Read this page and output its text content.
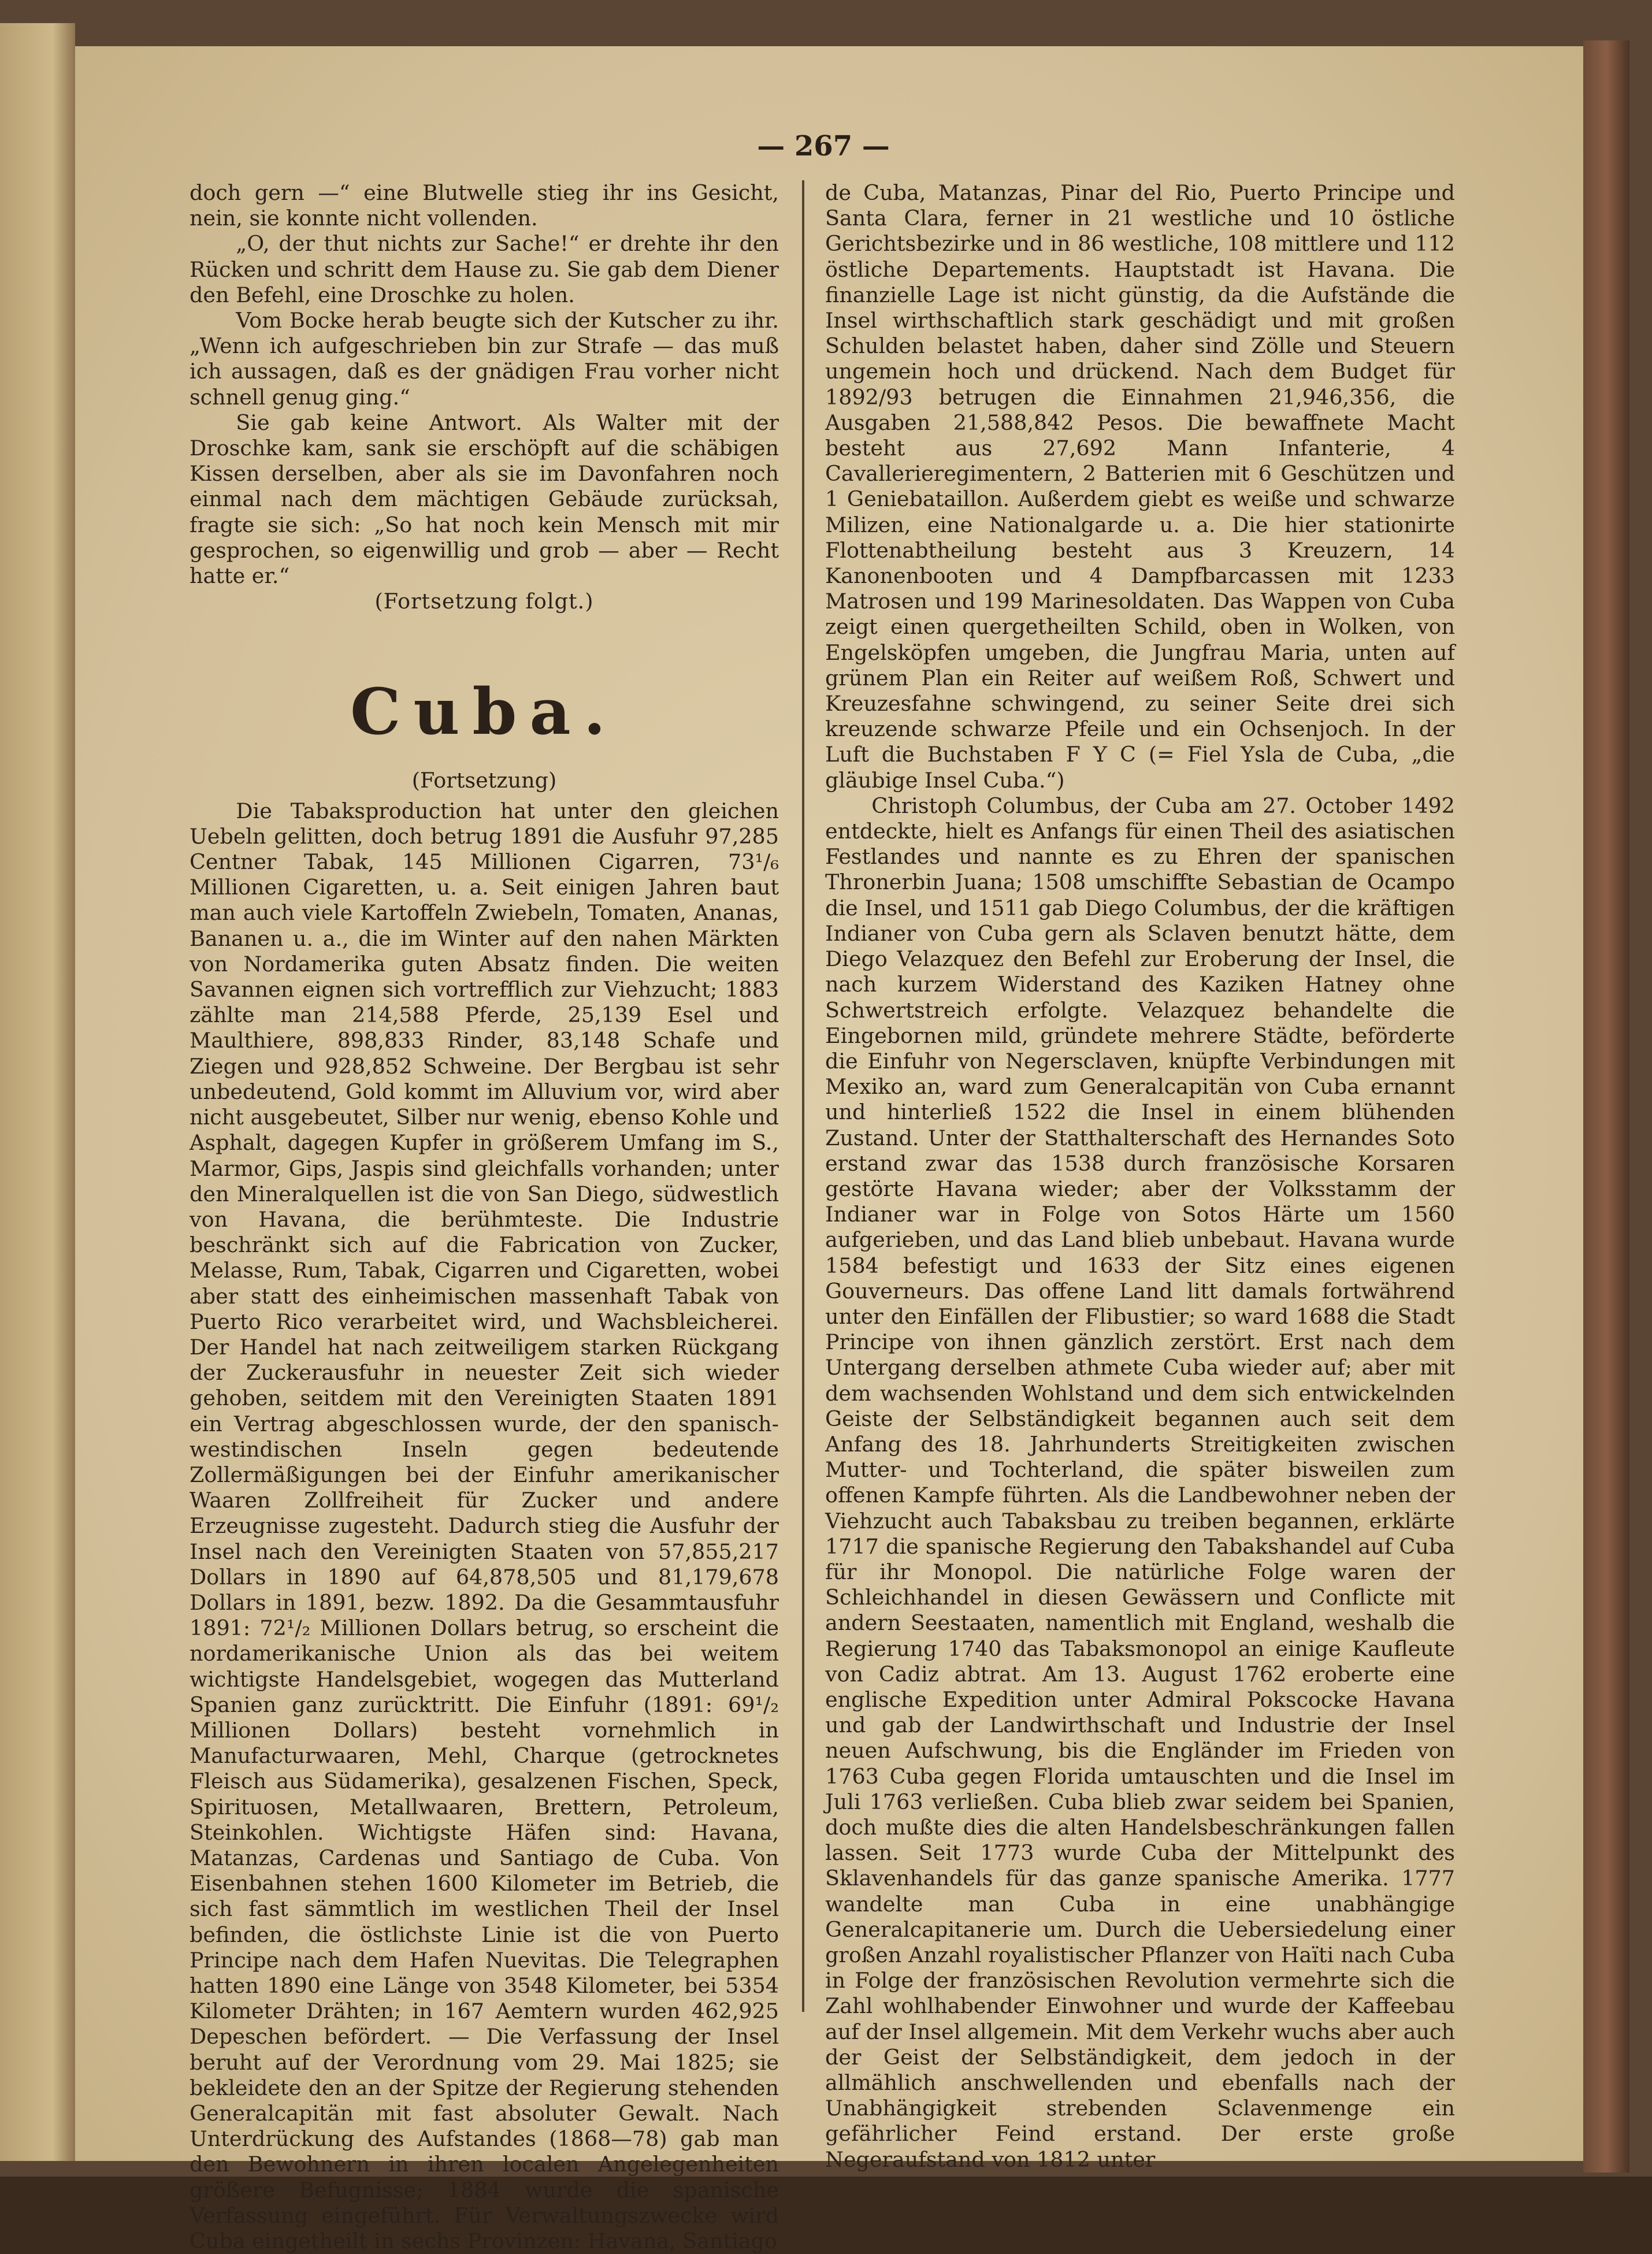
— 267 —

doch gern —“ eine Blutwelle stieg ihr ins Gesicht, nein, sie konnte nicht vollenden.

„O, der thut nichts zur Sache!“ er drehte ihr den Rücken und schritt dem Hause zu. Sie gab dem Diener den Befehl, eine Droschke zu holen.

Vom Bocke herab beugte sich der Kutscher zu ihr. „Wenn ich aufgeschrieben bin zur Strafe — das muß ich aussagen, daß es der gnädigen Frau vorher nicht schnell genug ging.“

Sie gab keine Antwort. Als Walter mit der Droschke kam, sank sie erschöpft auf die schäbigen Kissen derselben, aber als sie im Davonfahren noch einmal nach dem mächtigen Gebäude zurücksah, fragte sie sich: „So hat noch kein Mensch mit mir gesprochen, so eigenwillig und grob — aber — Recht hatte er.“

(Fortsetzung folgt.)

Cuba.
(Fortsetzung)

Die Tabaksproduction hat unter den gleichen Uebeln gelitten, doch betrug 1891 die Ausfuhr 97,285 Centner Tabak, 145 Millionen Cigarren, 73¹/₆ Millionen Cigaretten, u. a. Seit einigen Jahren baut man auch viele Kartoffeln Zwiebeln, Tomaten, Ananas, Bananen u. a., die im Winter auf den nahen Märkten von Nordamerika guten Absatz finden. Die weiten Savannen eignen sich vortrefflich zur Viehzucht; 1883 zählte man 214,588 Pferde, 25,139 Esel und Maulthiere, 898,833 Rinder, 83,148 Schafe und Ziegen und 928,852 Schweine. Der Bergbau ist sehr unbedeutend, Gold kommt im Alluvium vor, wird aber nicht ausgebeutet, Silber nur wenig, ebenso Kohle und Asphalt, dagegen Kupfer in größerem Umfang im S., Marmor, Gips, Jaspis sind gleichfalls vorhanden; unter den Mineralquellen ist die von San Diego, südwestlich von Havana, die berühmteste. Die Industrie beschränkt sich auf die Fabrication von Zucker, Melasse, Rum, Tabak, Cigarren und Cigaretten, wobei aber statt des einheimischen massenhaft Tabak von Puerto Rico verarbeitet wird, und Wachsbleicherei. Der Handel hat nach zeitweiligem starken Rückgang der Zuckerausfuhr in neuester Zeit sich wieder gehoben, seitdem mit den Vereinigten Staaten 1891 ein Vertrag abgeschlossen wurde, der den spanisch-westindischen Inseln gegen bedeutende Zollermäßigungen bei der Einfuhr amerikanischer Waaren Zollfreiheit für Zucker und andere Erzeugnisse zugesteht. Dadurch stieg die Ausfuhr der Insel nach den Vereinigten Staaten von 57,855,217 Dollars in 1890 auf 64,878,505 und 81,179,678 Dollars in 1891, bezw. 1892. Da die Gesammtausfuhr 1891: 72¹/₂ Millionen Dollars betrug, so erscheint die nordamerikanische Union als das bei weitem wichtigste Handelsgebiet, wogegen das Mutterland Spanien ganz zurücktritt. Die Einfuhr (1891: 69¹/₂ Millionen Dollars) besteht vornehmlich in Manufacturwaaren, Mehl, Charque (getrocknetes Fleisch aus Südamerika), gesalzenen Fischen, Speck, Spirituosen, Metallwaaren, Brettern, Petroleum, Steinkohlen. Wichtigste Häfen sind: Havana, Matanzas, Cardenas und Santiago de Cuba. Von Eisenbahnen stehen 1600 Kilometer im Betrieb, die sich fast sämmtlich im westlichen Theil der Insel befinden, die östlichste Linie ist die von Puerto Principe nach dem Hafen Nuevitas. Die Telegraphen hatten 1890 eine Länge von 3548 Kilometer, bei 5354 Kilometer Drähten; in 167 Aemtern wurden 462,925 Depeschen befördert. — Die Verfassung der Insel beruht auf der Verordnung vom 29. Mai 1825; sie bekleidete den an der Spitze der Regierung stehenden Generalcapitän mit fast absoluter Gewalt. Nach Unterdrückung des Aufstandes (1868—78) gab man den Bewohnern in ihren localen Angelegenheiten größere Befugnisse; 1884 wurde die spanische Verfassung eingeführt. Für Verwaltungszwecke wird Cuba eingetheilt in sechs Provinzen: Havana, Santiago

de Cuba, Matanzas, Pinar del Rio, Puerto Principe und Santa Clara, ferner in 21 westliche und 10 östliche Gerichtsbezirke und in 86 westliche, 108 mittlere und 112 östliche Departements. Hauptstadt ist Havana. Die finanzielle Lage ist nicht günstig, da die Aufstände die Insel wirthschaftlich stark geschädigt und mit großen Schulden belastet haben, daher sind Zölle und Steuern ungemein hoch und drückend. Nach dem Budget für 1892/93 betrugen die Einnahmen 21,946,356, die Ausgaben 21,588,842 Pesos. Die bewaffnete Macht besteht aus 27,692 Mann Infanterie, 4 Cavallerieregimentern, 2 Batterien mit 6 Geschützen und 1 Geniebataillon. Außerdem giebt es weiße und schwarze Milizen, eine Nationalgarde u. a. Die hier stationirte Flottenabtheilung besteht aus 3 Kreuzern, 14 Kanonenbooten und 4 Dampfbarcassen mit 1233 Matrosen und 199 Marinesoldaten. Das Wappen von Cuba zeigt einen quergetheilten Schild, oben in Wolken, von Engelsköpfen umgeben, die Jungfrau Maria, unten auf grünem Plan ein Reiter auf weißem Roß, Schwert und Kreuzesfahne schwingend, zu seiner Seite drei sich kreuzende schwarze Pfeile und ein Ochsenjoch. In der Luft die Buchstaben F Y C (= Fiel Ysla de Cuba, „die gläubige Insel Cuba.“)

Christoph Columbus, der Cuba am 27. October 1492 entdeckte, hielt es Anfangs für einen Theil des asiatischen Festlandes und nannte es zu Ehren der spanischen Thronerbin Juana; 1508 umschiffte Sebastian de Ocampo die Insel, und 1511 gab Diego Columbus, der die kräftigen Indianer von Cuba gern als Sclaven benutzt hätte, dem Diego Velazquez den Befehl zur Eroberung der Insel, die nach kurzem Widerstand des Kaziken Hatney ohne Schwertstreich erfolgte. Velazquez behandelte die Eingebornen mild, gründete mehrere Städte, beförderte die Einfuhr von Negersclaven, knüpfte Verbindungen mit Mexiko an, ward zum Generalcapitän von Cuba ernannt und hinterließ 1522 die Insel in einem blühenden Zustand. Unter der Statthalterschaft des Hernandes Soto erstand zwar das 1538 durch französische Korsaren gestörte Havana wieder; aber der Volksstamm der Indianer war in Folge von Sotos Härte um 1560 aufgerieben, und das Land blieb unbebaut. Havana wurde 1584 befestigt und 1633 der Sitz eines eigenen Gouverneurs. Das offene Land litt damals fortwährend unter den Einfällen der Flibustier; so ward 1688 die Stadt Principe von ihnen gänzlich zerstört. Erst nach dem Untergang derselben athmete Cuba wieder auf; aber mit dem wachsenden Wohlstand und dem sich entwickelnden Geiste der Selbständigkeit begannen auch seit dem Anfang des 18. Jahrhunderts Streitigkeiten zwischen Mutter- und Tochterland, die später bisweilen zum offenen Kampfe führten. Als die Landbewohner neben der Viehzucht auch Tabaksbau zu treiben begannen, erklärte 1717 die spanische Regierung den Tabakshandel auf Cuba für ihr Monopol. Die natürliche Folge waren der Schleichhandel in diesen Gewässern und Conflicte mit andern Seestaaten, namentlich mit England, weshalb die Regierung 1740 das Tabaksmonopol an einige Kaufleute von Cadiz abtrat. Am 13. August 1762 eroberte eine englische Expedition unter Admiral Pokscocke Havana und gab der Landwirthschaft und Industrie der Insel neuen Aufschwung, bis die Engländer im Frieden von 1763 Cuba gegen Florida umtauschten und die Insel im Juli 1763 verließen. Cuba blieb zwar seidem bei Spanien, doch mußte dies die alten Handelsbeschränkungen fallen lassen. Seit 1773 wurde Cuba der Mittelpunkt des Sklavenhandels für das ganze spanische Amerika. 1777 wandelte man Cuba in eine unabhängige Generalcapitanerie um. Durch die Uebersiedelung einer großen Anzahl royalistischer Pflanzer von Haïti nach Cuba in Folge der französischen Revolution vermehrte sich die Zahl wohlhabender Einwohner und wurde der Kaffeebau auf der Insel allgemein. Mit dem Verkehr wuchs aber auch der Geist der Selbständigkeit, dem jedoch in der allmählich anschwellenden und ebenfalls nach der Unabhängigkeit strebenden Sclavenmenge ein gefährlicher Feind erstand. Der erste große Negeraufstand von 1812 unter
